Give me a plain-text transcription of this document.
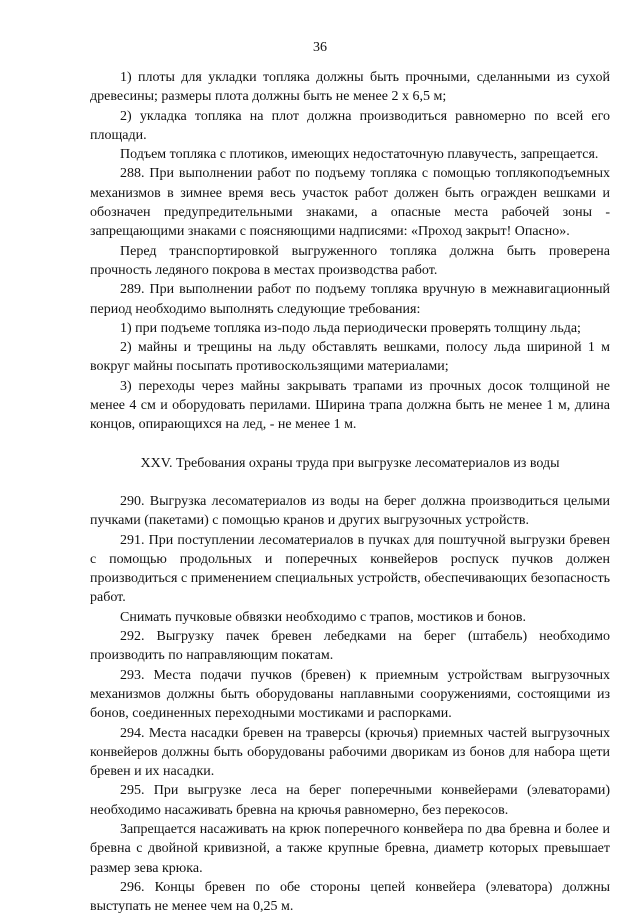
36

1) плоты для укладки топляка должны быть прочными, сделанными из сухой древесины; размеры плота должны быть не менее 2 х 6,5 м;

2) укладка топляка на плот должна производиться равномерно по всей его площади.

Подъем топляка с плотиков, имеющих недостаточную плавучесть, запрещается.

288. При выполнении работ по подъему топляка с помощью топлякоподъемных механизмов в зимнее время весь участок работ должен быть огражден вешками и обозначен предупредительными знаками, а опасные места рабочей зоны - запрещающими знаками с поясняющими надписями: «Проход закрыт! Опасно».

Перед транспортировкой выгруженного топляка должна быть проверена прочность ледяного покрова в местах производства работ.

289. При выполнении работ по подъему топляка вручную в межнавигационный период необходимо выполнять следующие требования:

1) при подъеме топляка из-подо льда периодически проверять толщину льда;

2) майны и трещины на льду обставлять вешками, полосу льда шириной 1 м вокруг майны посыпать противоскользящими материалами;

3) переходы через майны закрывать трапами из прочных досок толщиной не менее 4 см и оборудовать перилами. Ширина трапа должна быть не менее 1 м, длина концов, опирающихся на лед, - не менее 1 м.

XXV. Требования охраны труда при выгрузке лесоматериалов из воды

290. Выгрузка лесоматериалов из воды на берег должна производиться целыми пучками (пакетами) с помощью кранов и других выгрузочных устройств.

291. При поступлении лесоматериалов в пучках для поштучной выгрузки бревен с помощью продольных и поперечных конвейеров роспуск пучков должен производиться с применением специальных устройств, обеспечивающих безопасность работ.

Снимать пучковые обвязки необходимо с трапов, мостиков и бонов.

292. Выгрузку пачек бревен лебедками на берег (штабель) необходимо производить по направляющим покатам.

293. Места подачи пучков (бревен) к приемным устройствам выгрузочных механизмов должны быть оборудованы наплавными сооружениями, состоящими из бонов, соединенных переходными мостиками и распорками.

294. Места насадки бревен на траверсы (крючья) приемных частей выгрузочных конвейеров должны быть оборудованы рабочими дворикам из бонов для набора щети бревен и их насадки.

295. При выгрузке леса на берег поперечными конвейерами (элеваторами) необходимо насаживать бревна на крючья равномерно, без перекосов.

Запрещается насаживать на крюк поперечного конвейера по два бревна и более и бревна с двойной кривизной, а также крупные бревна, диаметр которых превышает размер зева крюка.

296. Концы бревен по обе стороны цепей конвейера (элеватора) должны выступать не менее чем на 0,25 м.
